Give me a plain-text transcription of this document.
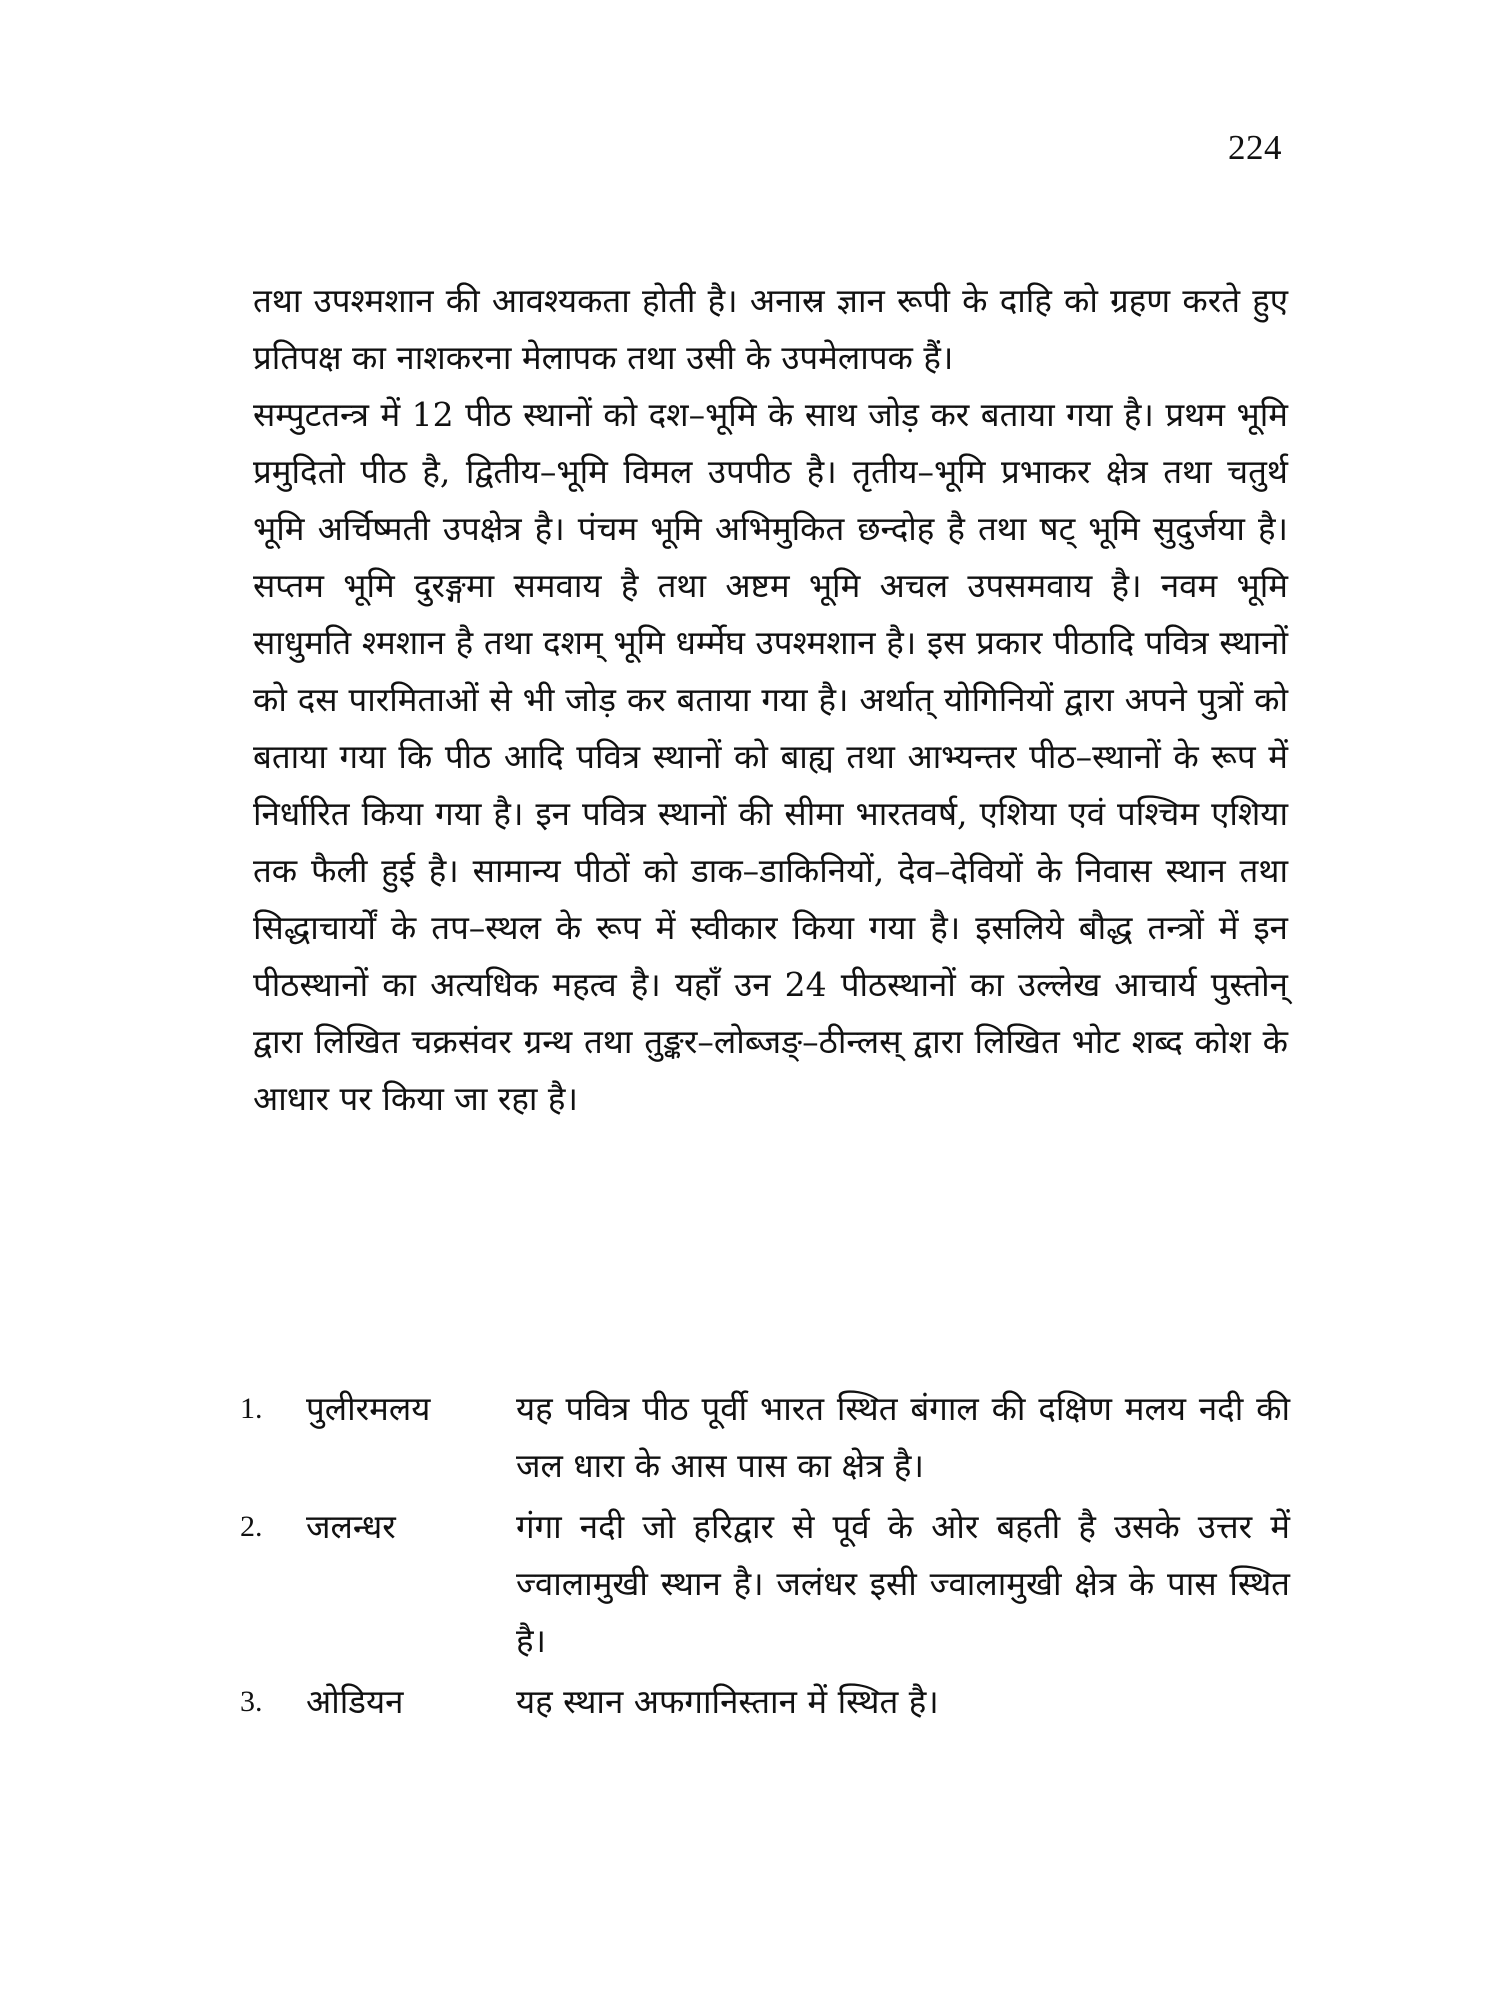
224

तथा उपश्मशान की आवश्यकता होती है। अनास्र ज्ञान रूपी के दाहि को ग्रहण करते हुए प्रतिपक्ष का नाशकरना मेलापक तथा उसी के उपमेलापक हैं।

सम्पुटतन्त्र में 12 पीठ स्थानों को दश–भूमि के साथ जोड़ कर बताया गया है। प्रथम भूमि प्रमुदितो पीठ है, द्वितीय–भूमि विमल उपपीठ है। तृतीय–भूमि प्रभाकर क्षेत्र तथा चतुर्थ भूमि अर्चिष्मती उपक्षेत्र है। पंचम भूमि अभिमुकित छन्दोह है तथा षट् भूमि सुदुर्जया है। सप्तम भूमि दुरङ्गमा समवाय है तथा अष्टम भूमि अचल उपसमवाय है। नवम भूमि साधुमति श्मशान है तथा दशम् भूमि धर्म्मेघ उपश्मशान है। इस प्रकार पीठादि पवित्र स्थानों को दस पारमिताओं से भी जोड़ कर बताया गया है। अर्थात् योगिनियों द्वारा अपने पुत्रों को बताया गया कि पीठ आदि पवित्र स्थानों को बाह्य तथा आभ्यन्तर पीठ–स्थानों के रूप में निर्धारित किया गया है। इन पवित्र स्थानों की सीमा भारतवर्ष, एशिया एवं पश्चिम एशिया तक फैली हुई है। सामान्य पीठों को डाक–डाकिनियों, देव–देवियों के निवास स्थान तथा सिद्धाचार्यों के तप–स्थल के रूप में स्वीकार किया गया है। इसलिये बौद्ध तन्त्रों में इन पीठस्थानों का अत्यधिक महत्व है। यहाँ उन 24 पीठस्थानों का उल्लेख आचार्य पुस्तोन् द्वारा लिखित चक्रसंवर ग्रन्थ तथा तुङ्कर–लोब्जङ्–ठीन्लस् द्वारा लिखित भोट शब्द कोश के आधार पर किया जा रहा है।

1.	पुलीरमलय	यह पवित्र पीठ पूर्वी भारत स्थित बंगाल की दक्षिण मलय नदी की जल धारा के आस पास का क्षेत्र है।
2.	जलन्धर	गंगा नदी जो हरिद्वार से पूर्व के ओर बहती है उसके उत्तर में ज्वालामुखी स्थान है। जलंधर इसी ज्वालामुखी क्षेत्र के पास स्थित है।
3.	ओडियन	यह स्थान अफगानिस्तान में स्थित है।
